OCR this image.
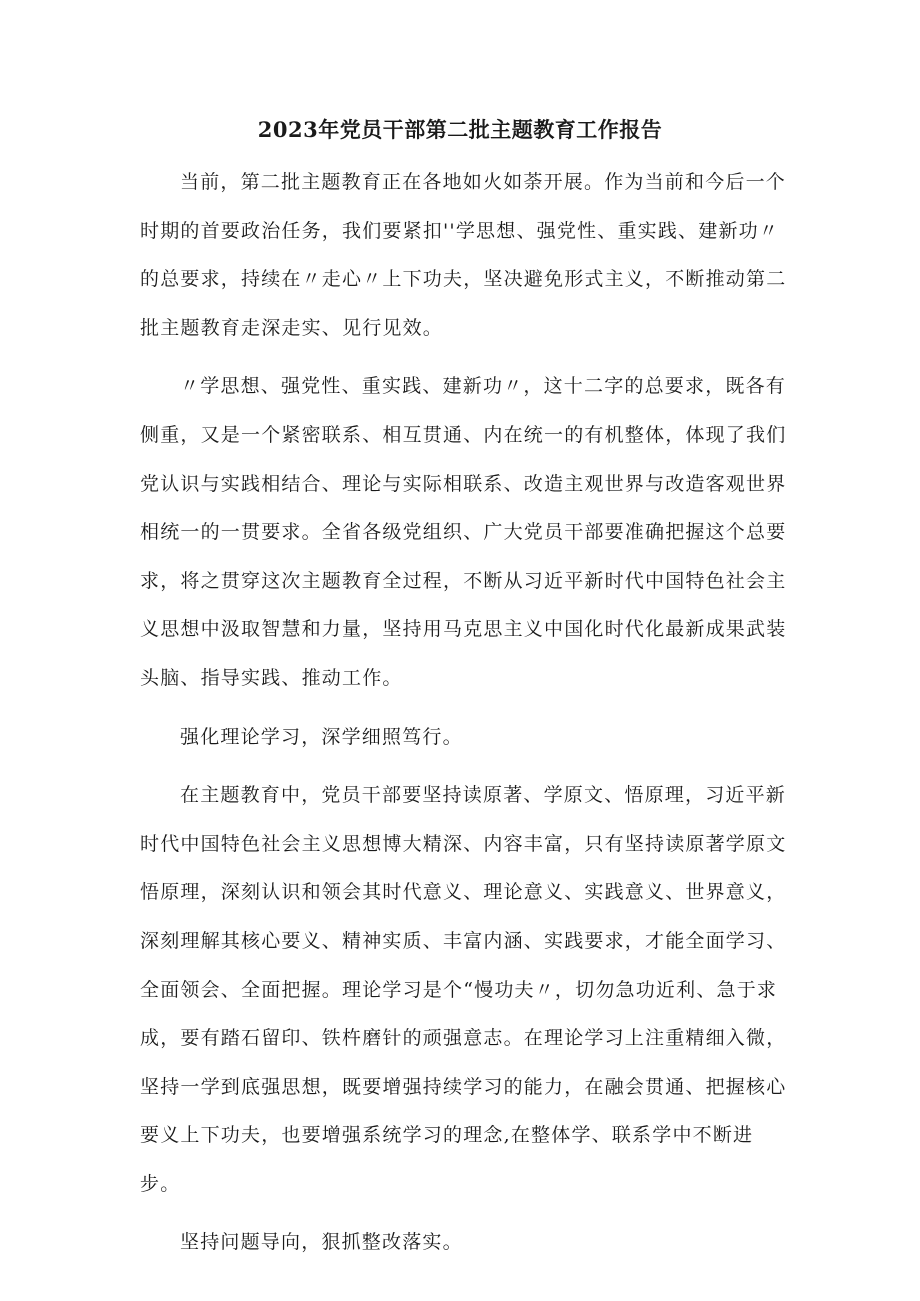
2023年党员干部第二批主题教育工作报告

当前，第二批主题教育正在各地如火如荼开展。作为当前和今后一个时期的首要政治任务，我们要紧扣''学思想、强党性、重实践、建新功〃的总要求，持续在〃走心〃上下功夫，坚决避免形式主义，不断推动第二批主题教育走深走实、见行见效。

〃学思想、强党性、重实践、建新功〃，这十二字的总要求，既各有侧重，又是一个紧密联系、相互贯通、内在统一的有机整体，体现了我们党认识与实践相结合、理论与实际相联系、改造主观世界与改造客观世界相统一的一贯要求。全省各级党组织、广大党员干部要准确把握这个总要求，将之贯穿这次主题教育全过程，不断从习近平新时代中国特色社会主义思想中汲取智慧和力量，坚持用马克思主义中国化时代化最新成果武装头脑、指导实践、推动工作。

强化理论学习，深学细照笃行。

在主题教育中，党员干部要坚持读原著、学原文、悟原理，习近平新时代中国特色社会主义思想博大精深、内容丰富，只有坚持读原著学原文悟原理，深刻认识和领会其时代意义、理论意义、实践意义、世界意义，深刻理解其核心要义、精神实质、丰富内涵、实践要求，才能全面学习、全面领会、全面把握。理论学习是个“慢功夫〃，切勿急功近利、急于求成，要有踏石留印、铁杵磨针的顽强意志。在理论学习上注重精细入微，坚持一学到底强思想，既要增强持续学习的能力，在融会贯通、把握核心要义上下功夫，也要增强系统学习的理念,在整体学、联系学中不断进步。

坚持问题导向，狠抓整改落实。
